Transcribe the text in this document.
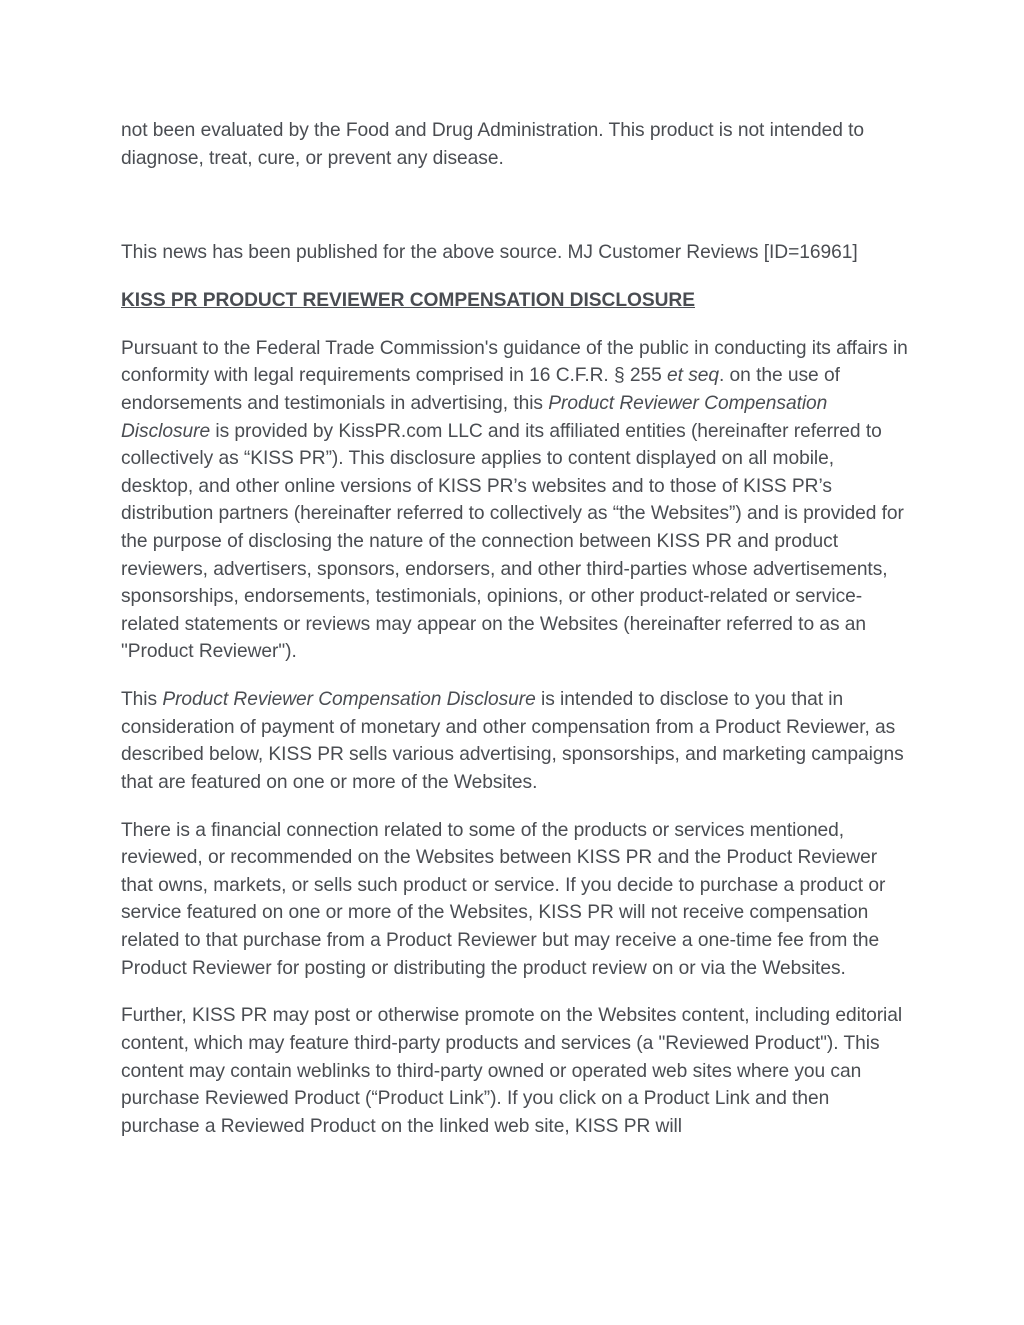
not been evaluated by the Food and Drug Administration. This product is not intended to diagnose, treat, cure, or prevent any disease.

This news has been published for the above source. MJ Customer Reviews [ID=16961]

KISS PR PRODUCT REVIEWER COMPENSATION DISCLOSURE

Pursuant to the Federal Trade Commission's guidance of the public in conducting its affairs in conformity with legal requirements comprised in 16 C.F.R. § 255 et seq. on the use of endorsements and testimonials in advertising, this Product Reviewer Compensation Disclosure is provided by KissPR.com LLC and its affiliated entities (hereinafter referred to collectively as “KISS PR”). This disclosure applies to content displayed on all mobile, desktop, and other online versions of KISS PR’s websites and to those of KISS PR’s distribution partners (hereinafter referred to collectively as “the Websites”) and is provided for the purpose of disclosing the nature of the connection between KISS PR and product reviewers, advertisers, sponsors, endorsers, and other third-parties whose advertisements, sponsorships, endorsements, testimonials, opinions, or other product-related or service-related statements or reviews may appear on the Websites (hereinafter referred to as an "Product Reviewer").

This Product Reviewer Compensation Disclosure is intended to disclose to you that in consideration of payment of monetary and other compensation from a Product Reviewer, as described below, KISS PR sells various advertising, sponsorships, and marketing campaigns that are featured on one or more of the Websites.

There is a financial connection related to some of the products or services mentioned, reviewed, or recommended on the Websites between KISS PR and the Product Reviewer that owns, markets, or sells such product or service. If you decide to purchase a product or service featured on one or more of the Websites, KISS PR will not receive compensation related to that purchase from a Product Reviewer but may receive a one-time fee from the Product Reviewer for posting or distributing the product review on or via the Websites.

Further, KISS PR may post or otherwise promote on the Websites content, including editorial content, which may feature third-party products and services (a "Reviewed Product"). This content may contain weblinks to third-party owned or operated web sites where you can purchase Reviewed Product (“Product Link”). If you click on a Product Link and then purchase a Reviewed Product on the linked web site, KISS PR will
